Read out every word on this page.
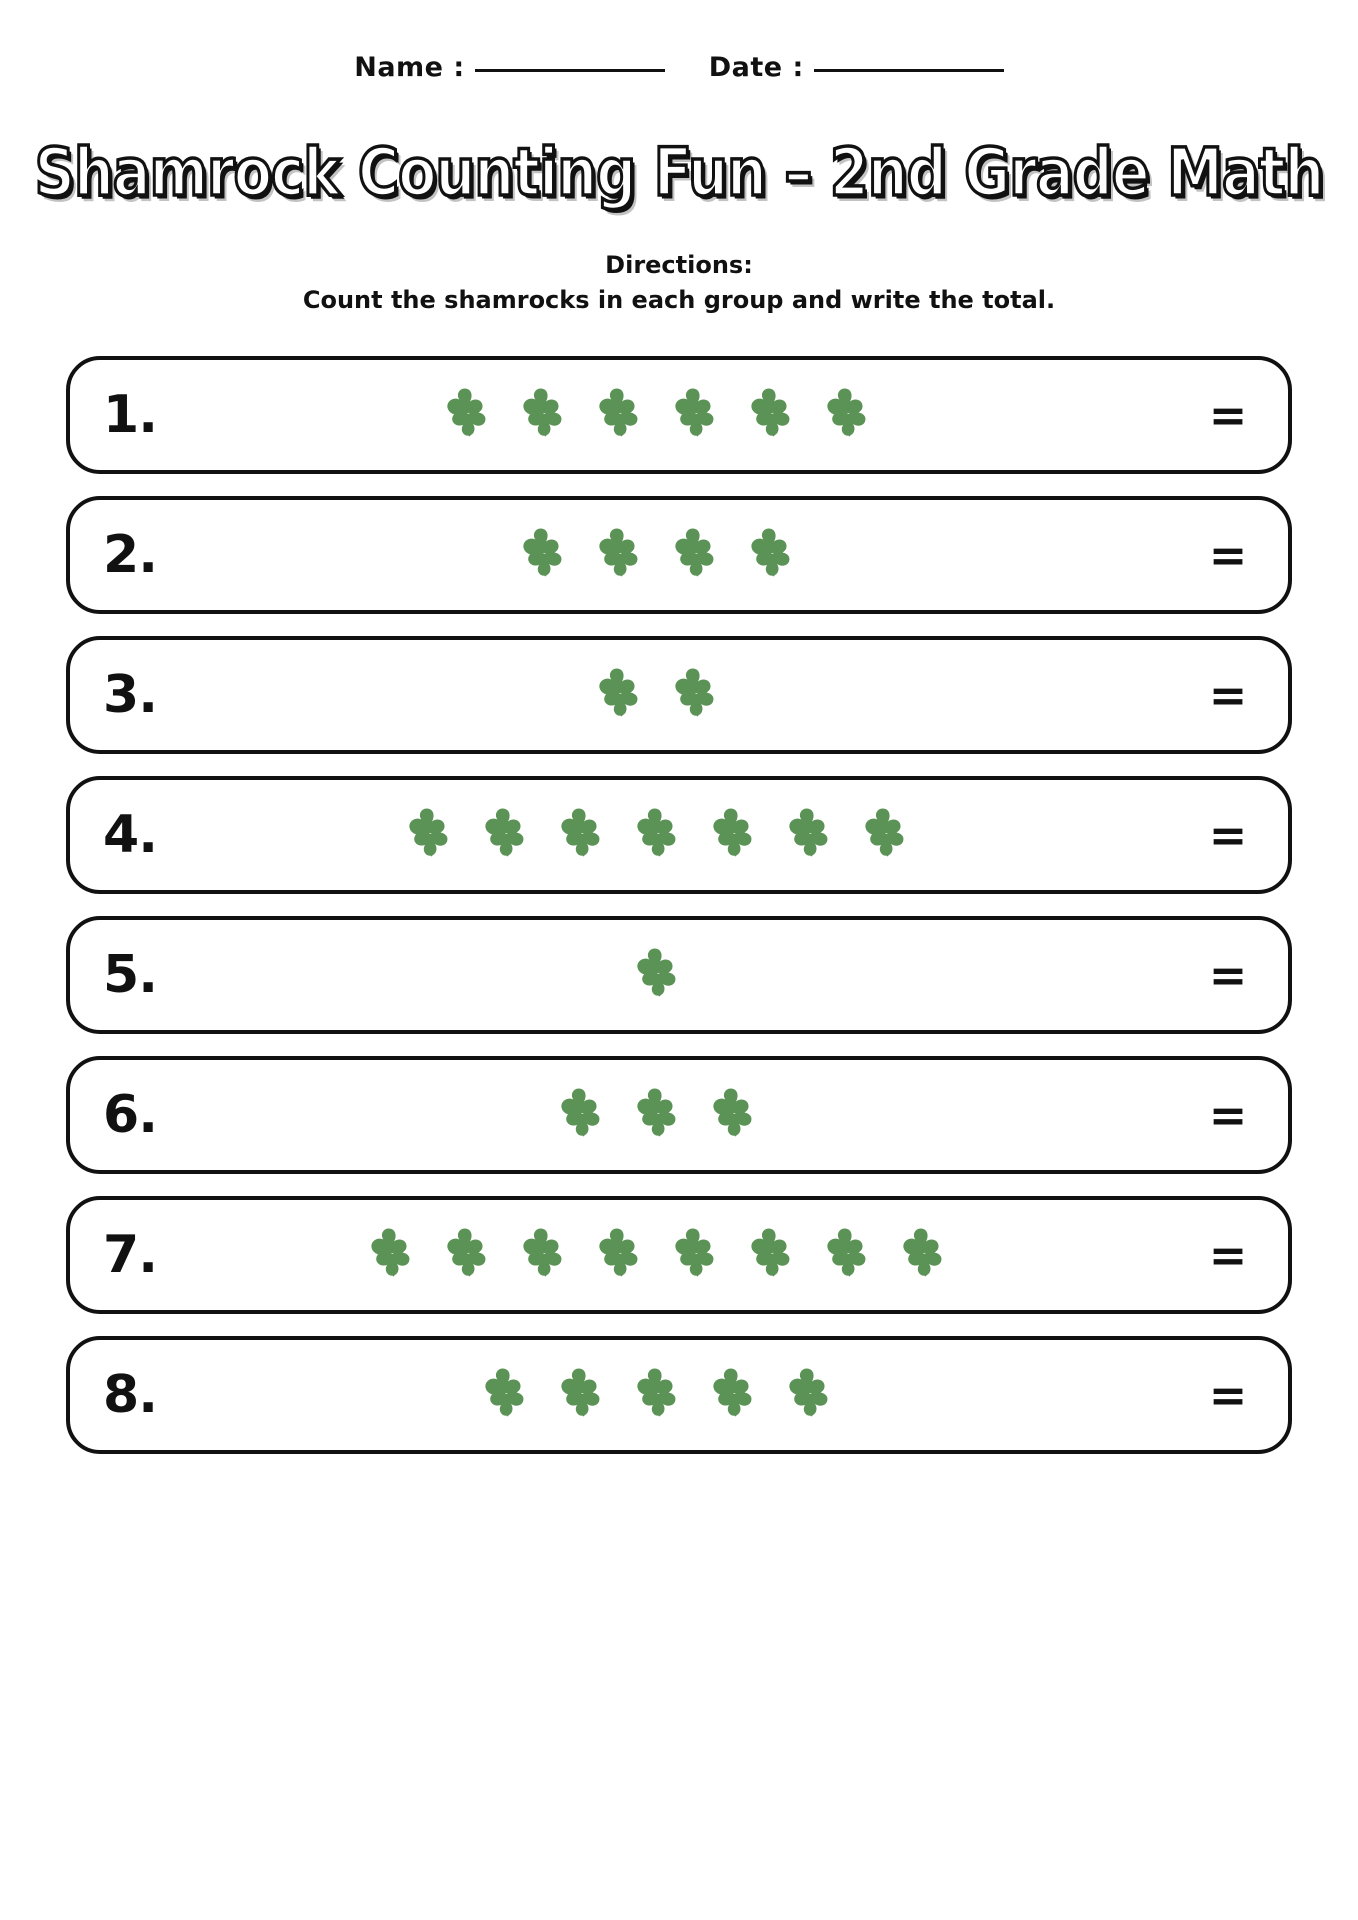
Name :	Date :
Shamrock Counting Fun – 2nd Grade Math
Directions:
Count the shamrocks in each group and write the total.
1.	=
2.	=
3.	=
4.	=
5.	=
6.	=
7.	=
8.	=
